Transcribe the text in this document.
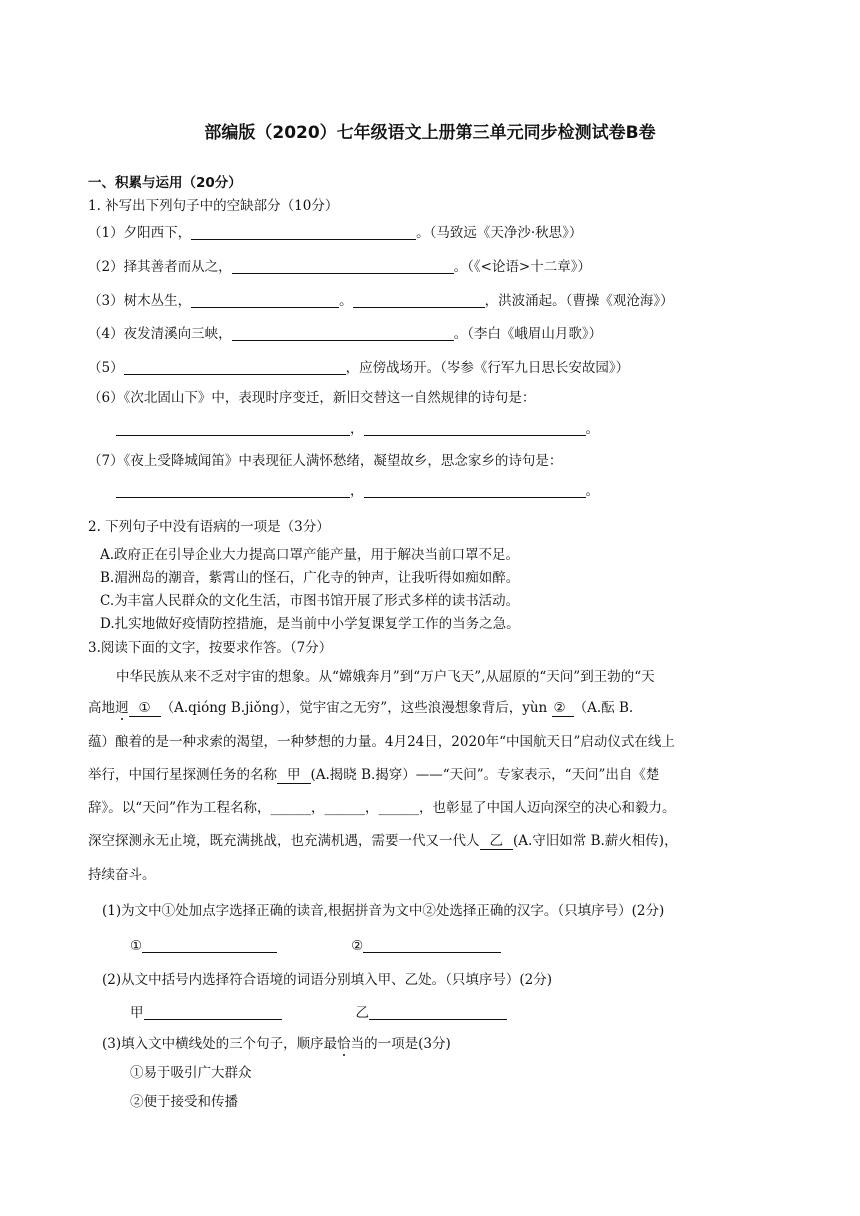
部编版（2020）七年级语文上册第三单元同步检测试卷B卷
一、积累与运用（20分）
1. 补写出下列句子中的空缺部分（10分）
（1）夕阳西下，	。（马致远《天净沙·秋思》）
（2）择其善者而从之，	。（《<论语>十二章》）
（3）树木丛生，	。	，洪波涌起。（曹操《观沧海》）
（4）夜发清溪向三峡，	。（李白《峨眉山月歌》）
（5）	，应傍战场开。（岑参《行军九日思长安故园》）
（6）《次北固山下》中，表现时序变迁，新旧交替这一自然规律的诗句是：
，	。
（7）《夜上受降城闻笛》中表现征人满怀愁绪，凝望故乡，思念家乡的诗句是：
，	。
2. 下列句子中没有语病的一项是（3分）
A.政府正在引导企业大力提高口罩产能产量，用于解决当前口罩不足。
B.湄洲岛的潮音，紫霄山的怪石，广化寺的钟声，让我听得如痴如醉。
C.为丰富人民群众的文化生活，市图书馆开展了形式多样的读书活动。
D.扎实地做好疫情防控措施，是当前中小学复课复学工作的当务之急。
3.阅读下面的文字，按要求作答。（7分）
中华民族从来不乏对宇宙的想象。从“嫦娥奔月”到“万户飞天”,从屈原的“天问”到王勃的“天
高地迥 ① （A.qióng B.jiǒng），觉宇宙之无穷”，这些浪漫想象背后，yùn ② （A.酝 B.
蕴）酿着的是一种求索的渴望，一种梦想的力量。4月24日，2020年“中国航天日”启动仪式在线上
举行，中国行星探测任务的名称 甲 (A.揭晓 B.揭穿）——“天问”。专家表示，“天问”出自《楚
辞》。以“天问”作为工程名称，______，______，______，也彰显了中国人迈向深空的决心和毅力。
深空探测永无止境，既充满挑战，也充满机遇，需要一代又一代人 乙 (A.守旧如常 B.薪火相传)，
持续奋斗。
(1)为文中①处加点字选择正确的读音,根据拼音为文中②处选择正确的汉字。（只填序号）(2分)
①	②
(2)从文中括号内选择符合语境的词语分别填入甲、乙处。（只填序号）(2分)
甲	乙
(3)填入文中横线处的三个句子，顺序最恰当的一项是(3分)
①易于吸引广大群众
②便于接受和传播
